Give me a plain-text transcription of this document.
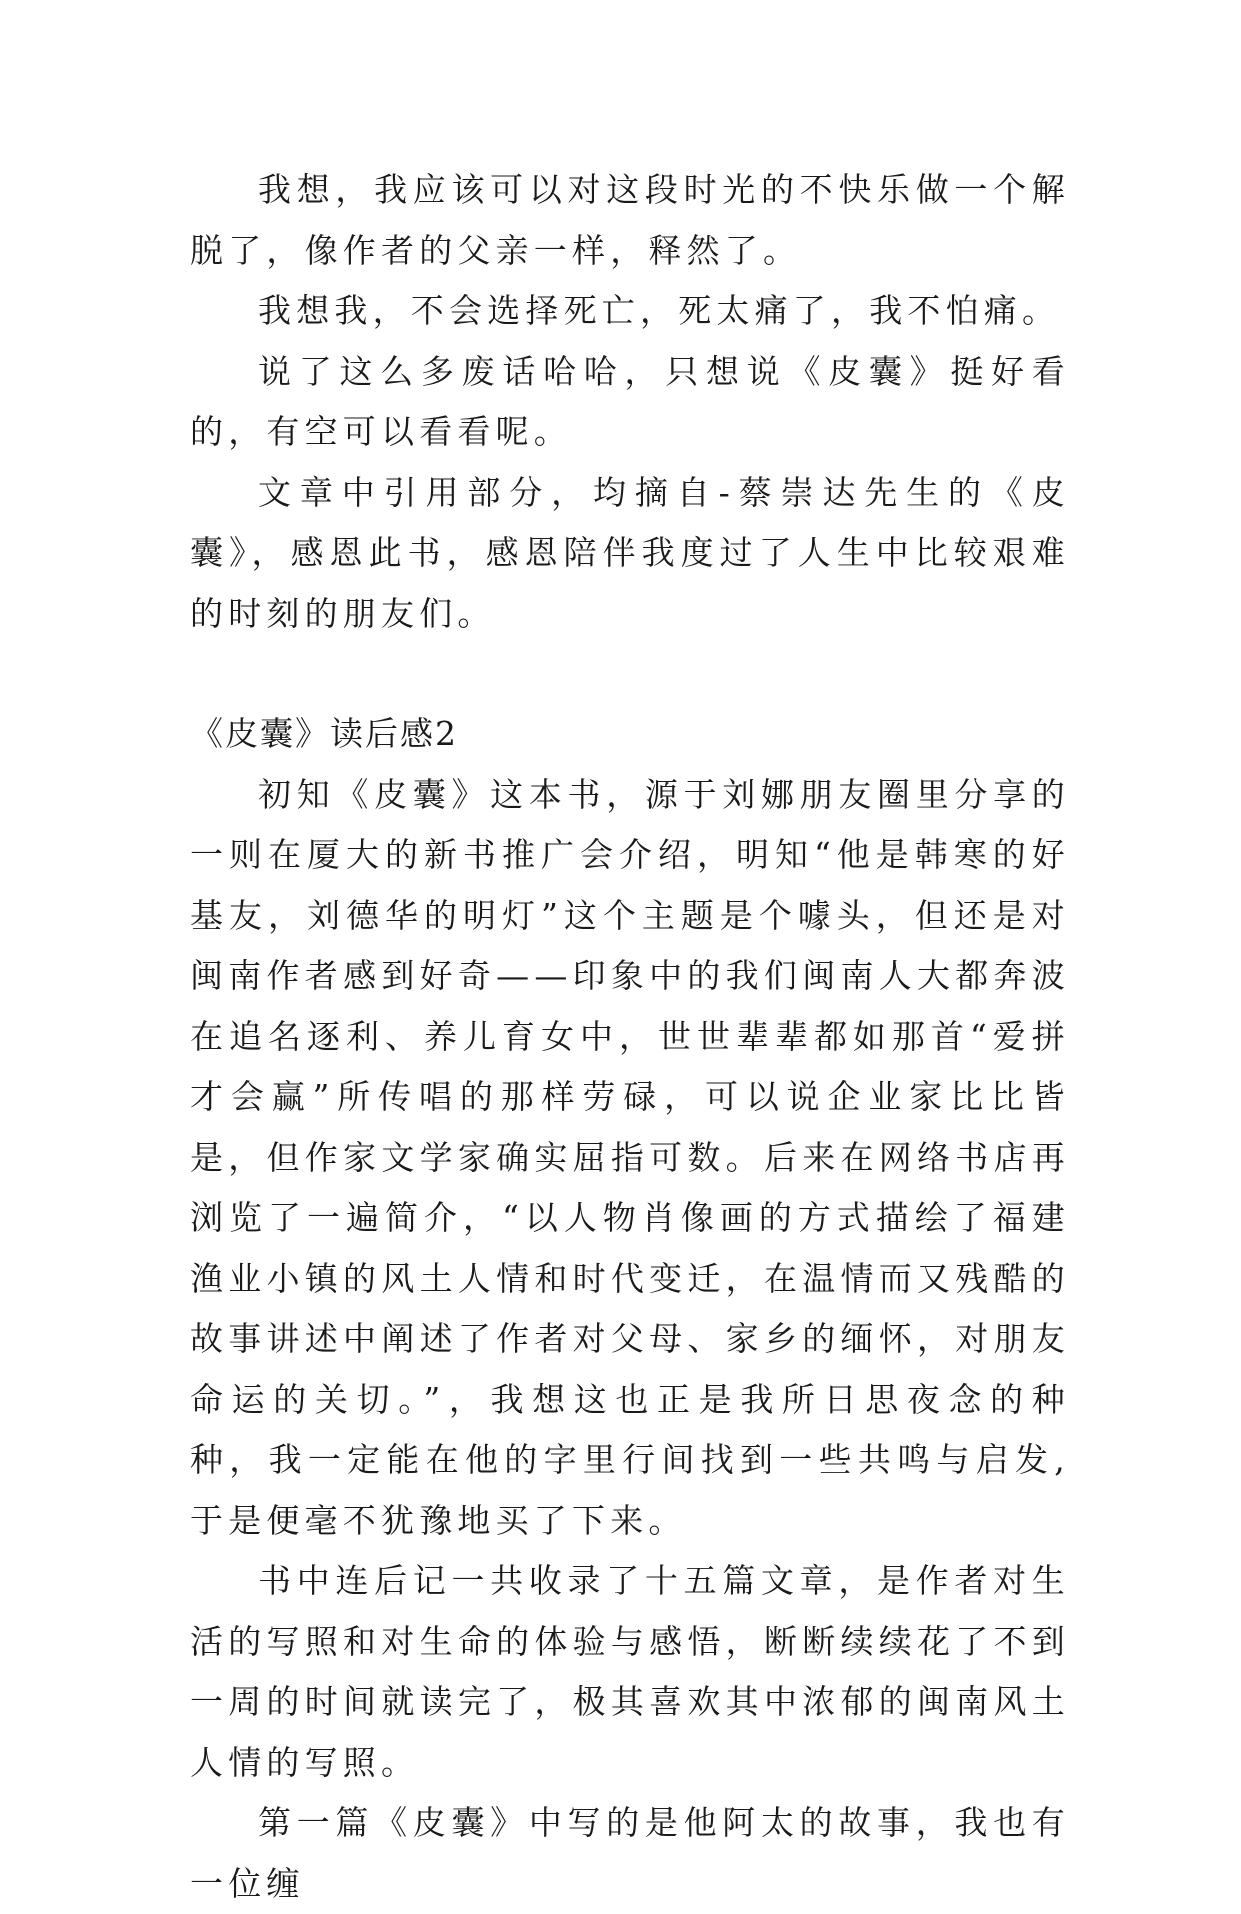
我想，我应该可以对这段时光的不快乐做一个解脱了，像作者的父亲一样，释然了。

我想我，不会选择死亡，死太痛了，我不怕痛。

说了这么多废话哈哈，只想说《皮囊》挺好看的，有空可以看看呢。

文章中引用部分，均摘自-蔡崇达先生的《皮囊》，感恩此书，感恩陪伴我度过了人生中比较艰难的时刻的朋友们。

《皮囊》读后感2

初知《皮囊》这本书，源于刘娜朋友圈里分享的一则在厦大的新书推广会介绍，明知“他是韩寒的好基友，刘德华的明灯”这个主题是个噱头，但还是对闽南作者感到好奇——印象中的我们闽南人大都奔波在追名逐利、养儿育女中，世世辈辈都如那首“爱拼才会赢”所传唱的那样劳碌，可以说企业家比比皆是，但作家文学家确实屈指可数。后来在网络书店再浏览了一遍简介，“以人物肖像画的方式描绘了福建渔业小镇的风土人情和时代变迁，在温情而又残酷的故事讲述中阐述了作者对父母、家乡的缅怀，对朋友命运的关切。”，我想这也正是我所日思夜念的种种，我一定能在他的字里行间找到一些共鸣与启发,于是便毫不犹豫地买了下来。

书中连后记一共收录了十五篇文章，是作者对生活的写照和对生命的体验与感悟，断断续续花了不到一周的时间就读完了，极其喜欢其中浓郁的闽南风土人情的写照。

第一篇《皮囊》中写的是他阿太的故事，我也有一位缠
